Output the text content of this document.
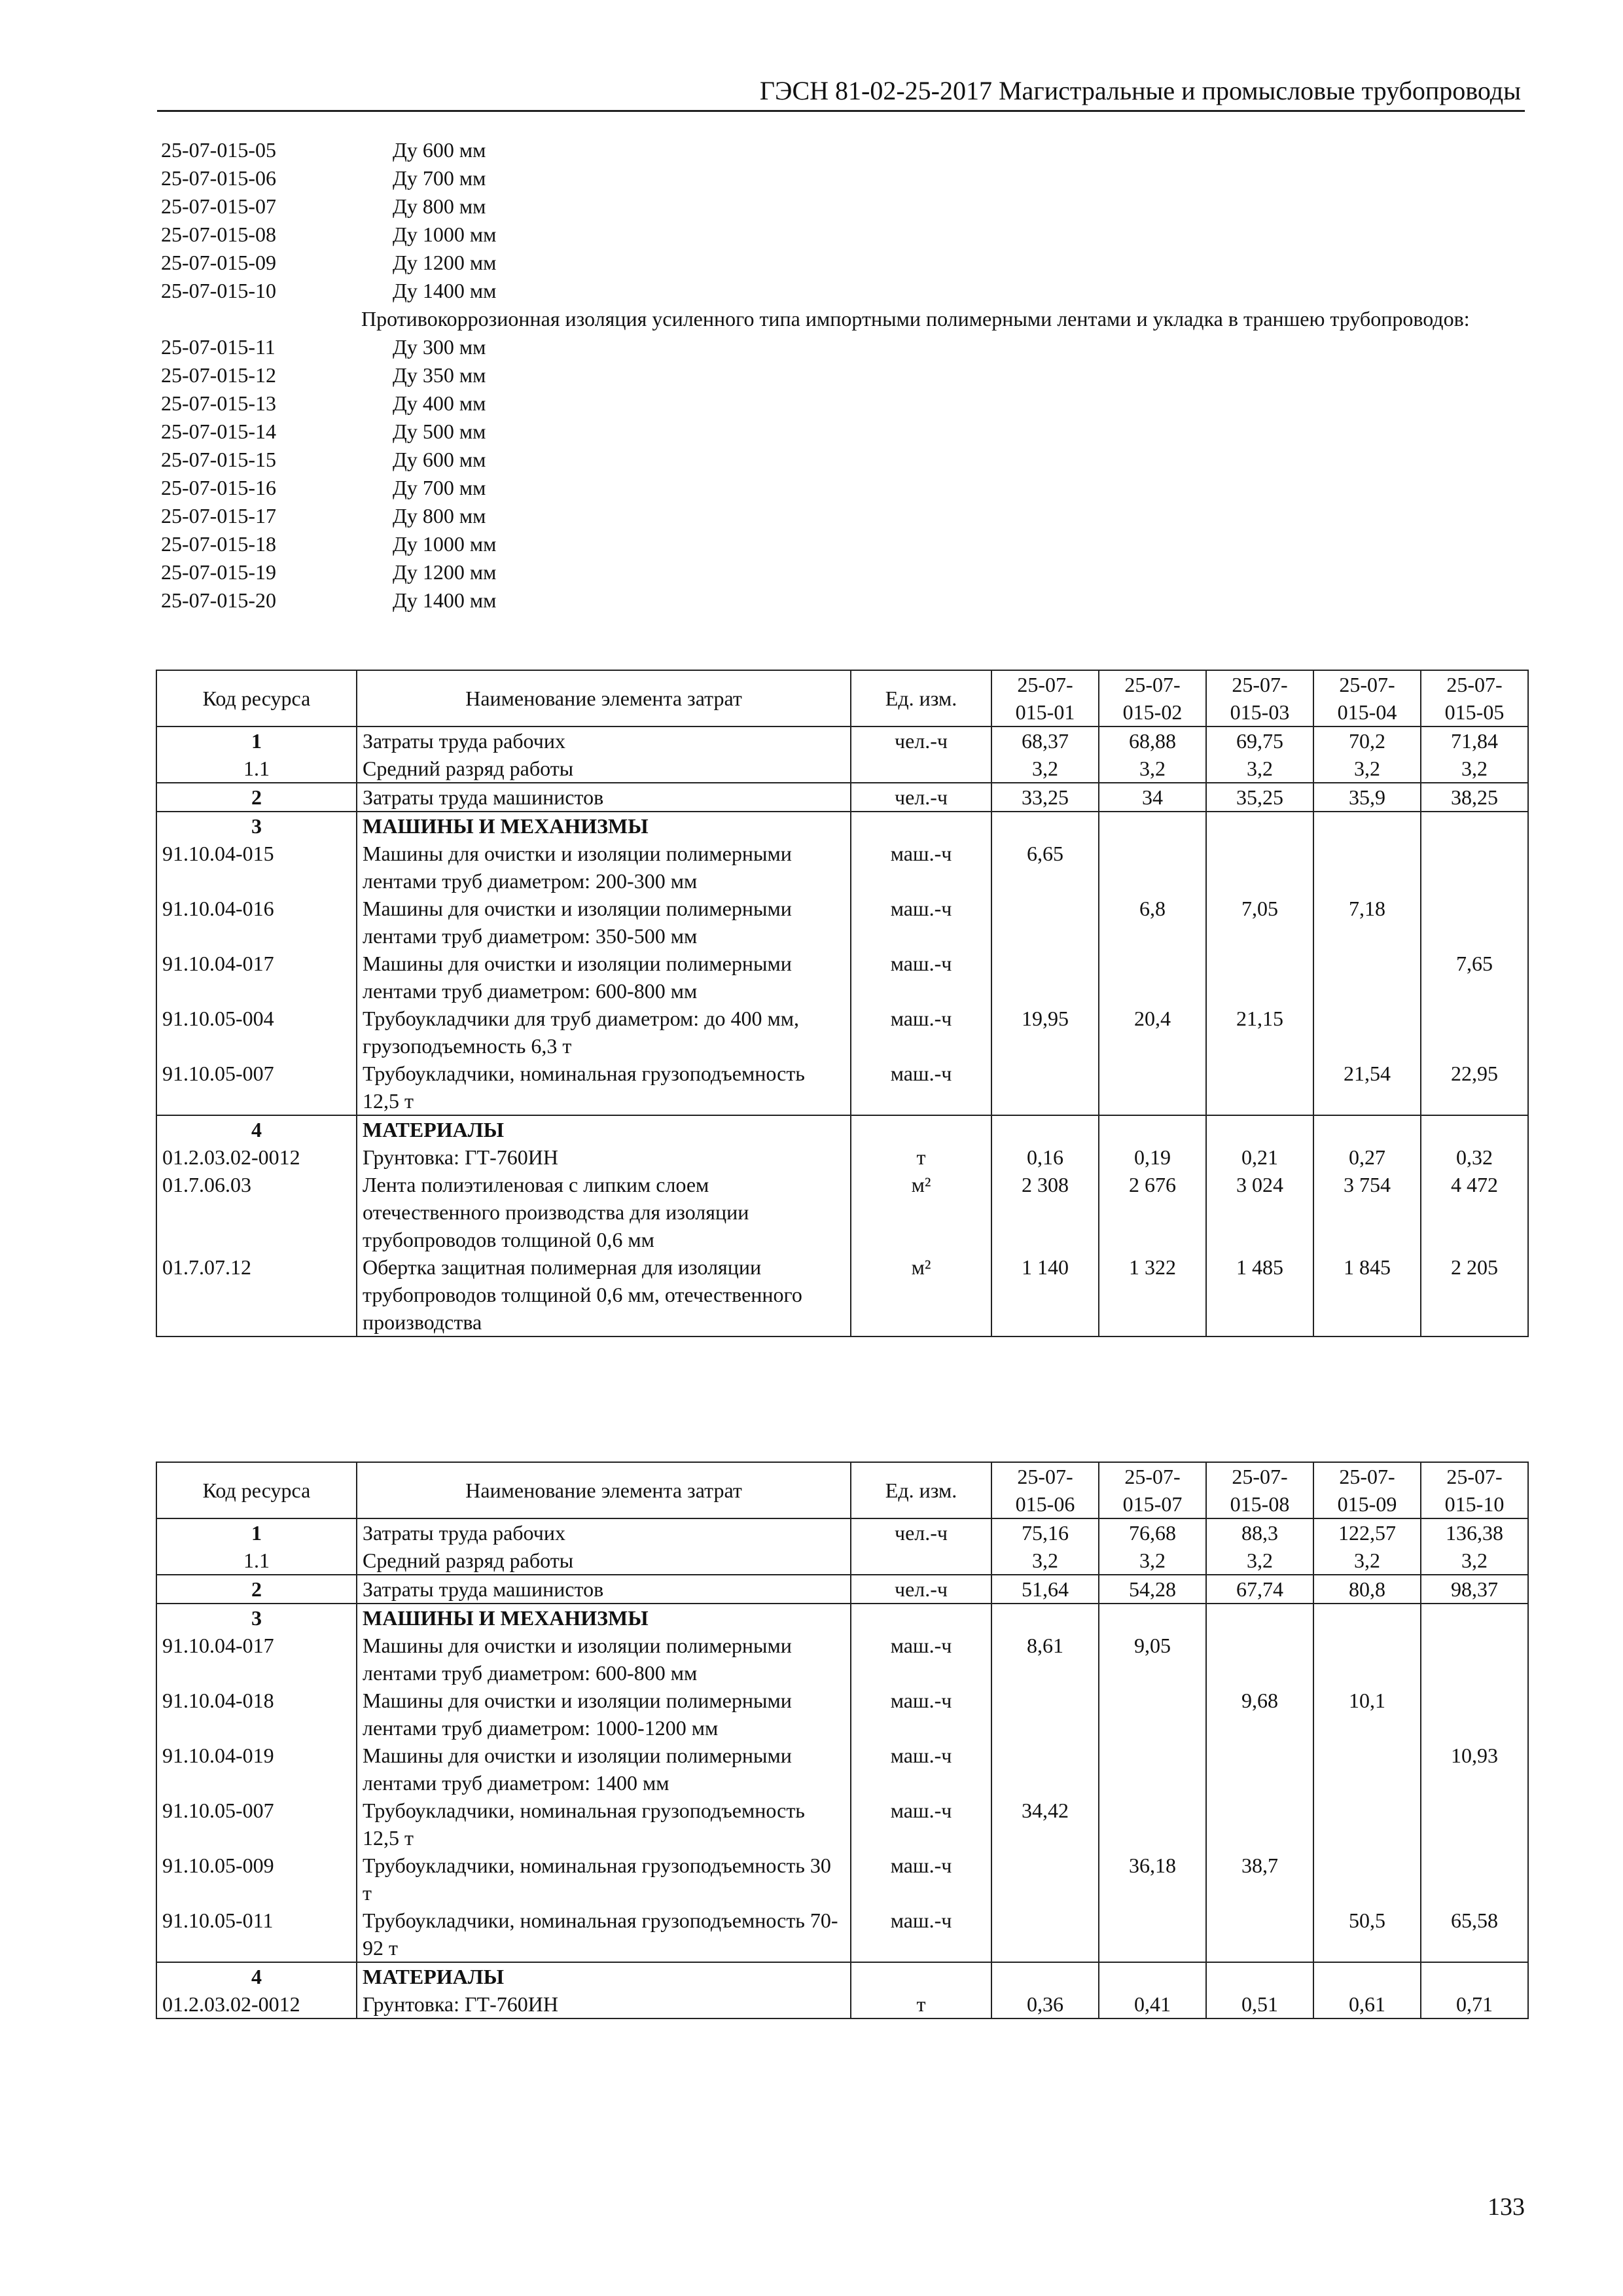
ГЭСН 81-02-25-2017 Магистральные и промысловые трубопроводы
25-07-015-05	Ду 600 мм
25-07-015-06	Ду 700 мм
25-07-015-07	Ду 800 мм
25-07-015-08	Ду 1000 мм
25-07-015-09	Ду 1200 мм
25-07-015-10	Ду 1400 мм
Противокоррозионная изоляция усиленного типа импортными полимерными лентами и укладка в траншею трубопроводов:
25-07-015-11	Ду 300 мм
25-07-015-12	Ду 350 мм
25-07-015-13	Ду 400 мм
25-07-015-14	Ду 500 мм
25-07-015-15	Ду 600 мм
25-07-015-16	Ду 700 мм
25-07-015-17	Ду 800 мм
25-07-015-18	Ду 1000 мм
25-07-015-19	Ду 1200 мм
25-07-015-20	Ду 1400 мм
Код ресурса	Наименование элемента затрат	Ед. изм.	25-07- 015-01	25-07- 015-02	25-07- 015-03	25-07- 015-04	25-07- 015-05
1	Затраты труда рабочих	чел.-ч	68,37	68,88	69,75	70,2	71,84
1.1	Средний разряд работы		3,2	3,2	3,2	3,2	3,2
2	Затраты труда машинистов	чел.-ч	33,25	34	35,25	35,9	38,25
3	МАШИНЫ И МЕХАНИЗМЫ						
91.10.04-015	Машины для очистки и изоляции полимерными лентами труб диаметром: 200-300 мм	маш.-ч	6,65				
91.10.04-016	Машины для очистки и изоляции полимерными лентами труб диаметром: 350-500 мм	маш.-ч		6,8	7,05	7,18	
91.10.04-017	Машины для очистки и изоляции полимерными лентами труб диаметром: 600-800 мм	маш.-ч					7,65
91.10.05-004	Трубоукладчики для труб диаметром: до 400 мм, грузоподъемность 6,3 т	маш.-ч	19,95	20,4	21,15		
91.10.05-007	Трубоукладчики, номинальная грузоподъемность 12,5 т	маш.-ч				21,54	22,95
4	МАТЕРИАЛЫ						
01.2.03.02-0012	Грунтовка: ГТ-760ИН	т	0,16	0,19	0,21	0,27	0,32
01.7.06.03	Лента полиэтиленовая с липким слоем отечественного производства для изоляции трубопроводов толщиной 0,6 мм	м²	2 308	2 676	3 024	3 754	4 472
01.7.07.12	Обертка защитная полимерная для изоляции трубопроводов толщиной 0,6 мм, отечественного производства	м²	1 140	1 322	1 485	1 845	2 205
Код ресурса	Наименование элемента затрат	Ед. изм.	25-07- 015-06	25-07- 015-07	25-07- 015-08	25-07- 015-09	25-07- 015-10
1	Затраты труда рабочих	чел.-ч	75,16	76,68	88,3	122,57	136,38
1.1	Средний разряд работы		3,2	3,2	3,2	3,2	3,2
2	Затраты труда машинистов	чел.-ч	51,64	54,28	67,74	80,8	98,37
3	МАШИНЫ И МЕХАНИЗМЫ						
91.10.04-017	Машины для очистки и изоляции полимерными лентами труб диаметром: 600-800 мм	маш.-ч	8,61	9,05			
91.10.04-018	Машины для очистки и изоляции полимерными лентами труб диаметром: 1000-1200 мм	маш.-ч			9,68	10,1	
91.10.04-019	Машины для очистки и изоляции полимерными лентами труб диаметром: 1400 мм	маш.-ч					10,93
91.10.05-007	Трубоукладчики, номинальная грузоподъемность 12,5 т	маш.-ч	34,42				
91.10.05-009	Трубоукладчики, номинальная грузоподъемность 30 т	маш.-ч		36,18	38,7		
91.10.05-011	Трубоукладчики, номинальная грузоподъемность 70-92 т	маш.-ч				50,5	65,58
4	МАТЕРИАЛЫ						
01.2.03.02-0012	Грунтовка: ГТ-760ИН	т	0,36	0,41	0,51	0,61	0,71
133
